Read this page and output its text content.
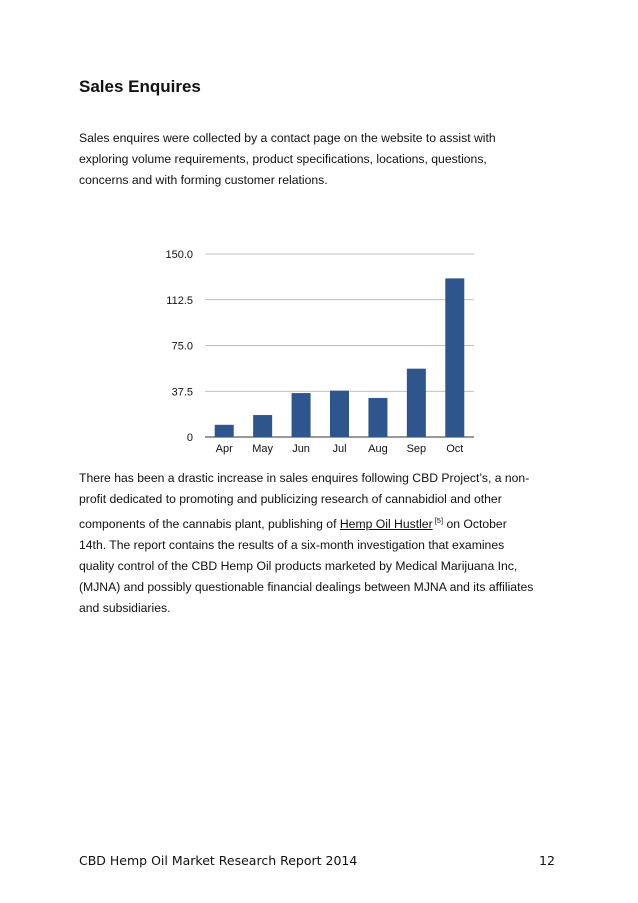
Sales Enquires

Sales enquires were collected by a contact page on the website to assist with
exploring volume requirements, product specifications, locations, questions,
concerns and with forming customer relations.

0
37.5
75.0
112.5
150.0
Apr May Jun Jul Aug Sep Oct

There has been a drastic increase in sales enquires following CBD Project’s, a non-
profit dedicated to promoting and publicizing research of cannabidiol and other
components of the cannabis plant, publishing of Hemp Oil Hustler [5] on October
14th. The report contains the results of a six-month investigation that examines
quality control of the CBD Hemp Oil products marketed by Medical Marijuana Inc,
(MJNA) and possibly questionable financial dealings between MJNA and its affiliates
and subsidiaries.

CBD Hemp Oil Market Research Report 2014	12
